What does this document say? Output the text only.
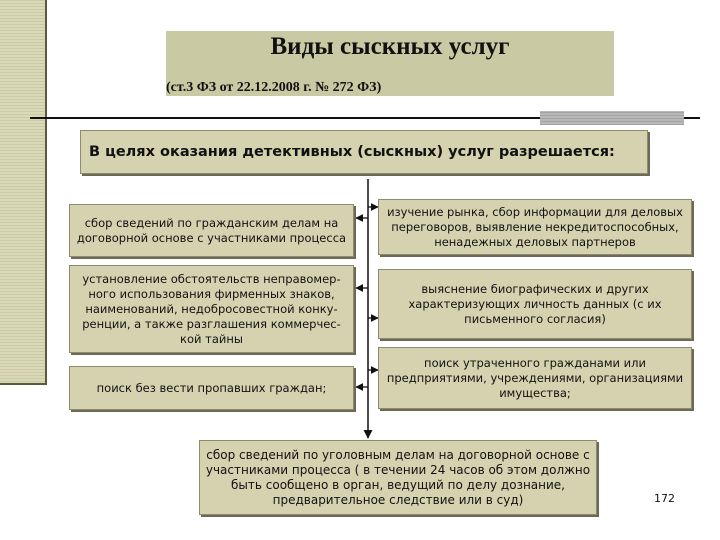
Виды сыскных услуг
(ст.3 ФЗ от 22.12.2008 г. № 272 ФЗ)
В целях оказания детективных (сыскных) услуг разрешается:
сбор сведений по гражданским делам на договорной основе с участниками процесса
установление обстоятельств неправомер-ного использования фирменных знаков, наименований, недобросовестной конку-ренции, а также разглашения коммерчес-кой тайны
поиск без вести пропавших граждан;
изучение рынка, сбор информации для деловых переговоров, выявление некредитоспособных, ненадежных деловых партнеров
выяснение биографических и других характеризующих личность данных (с их письменного согласия)
поиск утраченного гражданами или предприятиями, учреждениями, организациями имущества;
сбор сведений по уголовным делам на договорной основе с участниками процесса ( в течении 24 часов об этом должно быть сообщено в орган, ведущий по делу дознание, предварительное следствие или в суд)	172
